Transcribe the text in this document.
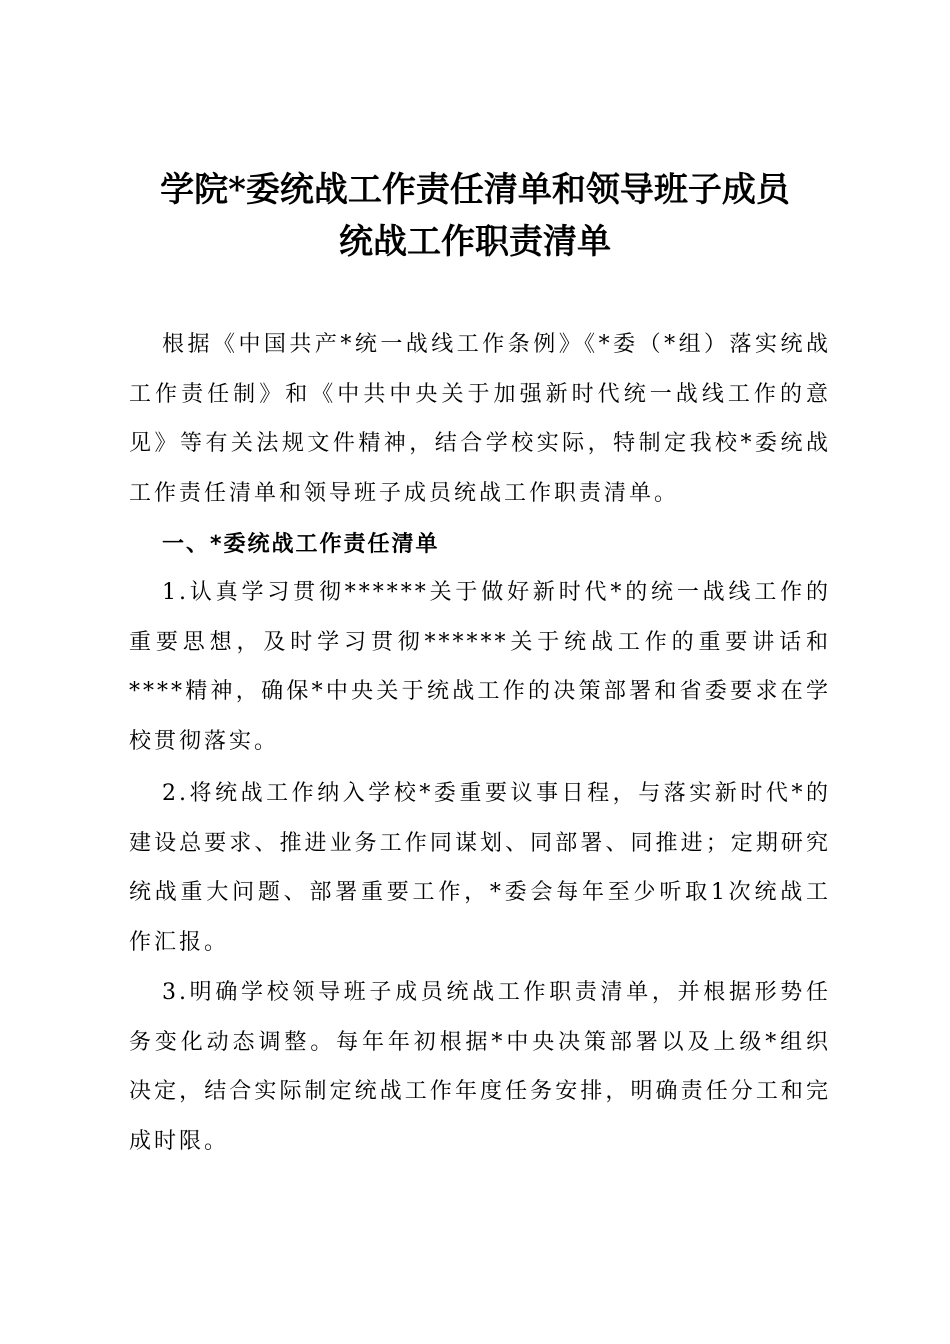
学院*委统战工作责任清单和领导班子成员
统战工作职责清单

根据《中国共产*统一战线工作条例》《*委（*组）落实统战工作责任制》和《中共中央关于加强新时代统一战线工作的意见》等有关法规文件精神，结合学校实际，特制定我校*委统战工作责任清单和领导班子成员统战工作职责清单。

一、*委统战工作责任清单

1.认真学习贯彻******关于做好新时代*的统一战线工作的重要思想，及时学习贯彻******关于统战工作的重要讲话和****精神，确保*中央关于统战工作的决策部署和省委要求在学校贯彻落实。

2.将统战工作纳入学校*委重要议事日程，与落实新时代*的建设总要求、推进业务工作同谋划、同部署、同推进；定期研究统战重大问题、部署重要工作，*委会每年至少听取1次统战工作汇报。

3.明确学校领导班子成员统战工作职责清单，并根据形势任务变化动态调整。每年年初根据*中央决策部署以及上级*组织决定，结合实际制定统战工作年度任务安排，明确责任分工和完成时限。
